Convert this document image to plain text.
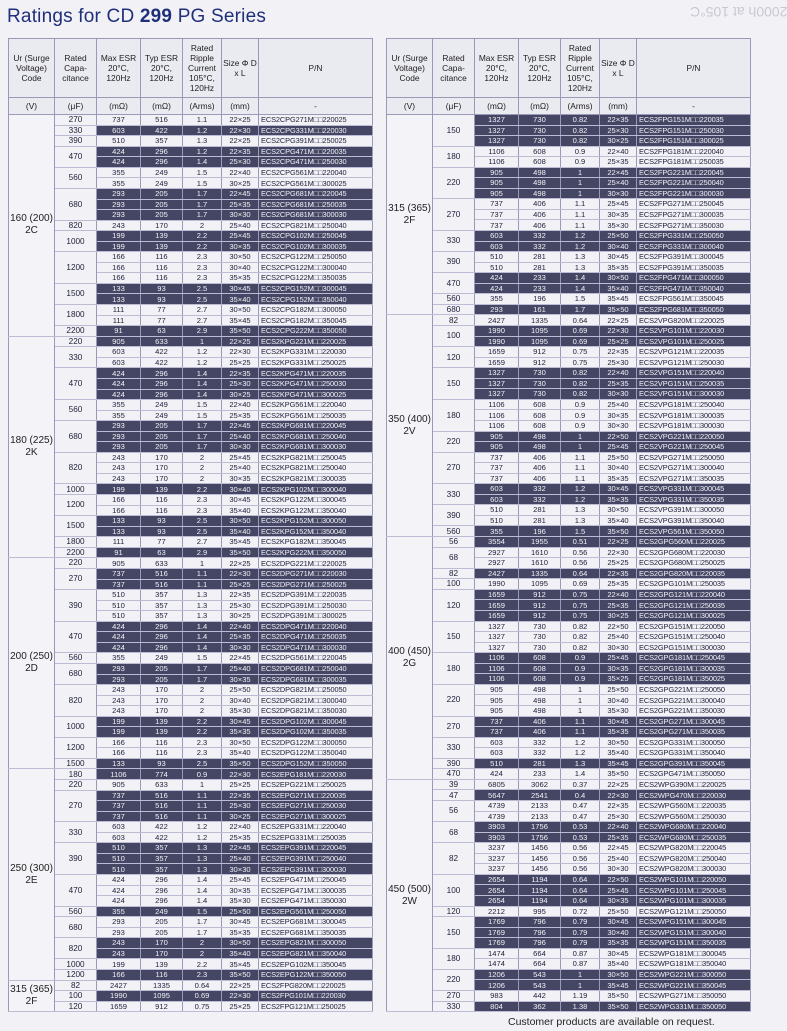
2000h at 105°C
Ratings for CD 299 PG Series
Ur (Surge Voltage) Code	Rated Capa-citance	Max ESR 20°C, 120Hz	Typ ESR 20°C, 120Hz	Rated Ripple Current 105°C, 120Hz	Size Φ D x L	P/N
(V)	(μF)	(mΩ)	(mΩ)	(Arms)	(mm)	-
160 (200) 2C	270	737	516	1.1	22×25	ECS2CPG271M□□220025
	330	603	422	1.2	22×30	ECS2CPG331M□□220030
	390	510	357	1.3	22×25	ECS2CPG391M□□250025
	470	424	296	1.2	22×35	ECS2CPG471M□□220035
		424	296	1.4	25×30	ECS2CPG471M□□250030
	560	355	249	1.5	22×40	ECS2CPG561M□□220040
		355	249	1.5	30×25	ECS2CPG561M□□300025
	680	293	205	1.7	22×45	ECS2CPG681M□□220045
		293	205	1.7	25×35	ECS2CPG681M□□250035
		293	205	1.7	30×30	ECS2CPG681M□□300030
	820	243	170	2	25×40	ECS2CPG821M□□250040
	1000	199	139	2.2	25×45	ECS2CPG102M□□250045
		199	139	2.2	30×35	ECS2CPG102M□□300035
	1200	166	116	2.3	30×50	ECS2CPG122M□□250050
		166	116	2.3	30×40	ECS2CPG122M□□300040
		166	116	2.3	35×35	ECS2CPG122M□□350035
	1500	133	93	2.5	30×45	ECS2CPG152M□□300045
		133	93	2.5	35×40	ECS2CPG152M□□350040
	1800	111	77	2.7	30×50	ECS2CPG182M□□300050
		111	77	2.7	35×45	ECS2CPG182M□□350045
	2200	91	63	2.9	35×50	ECS2CPG222M□□350050
180 (225) 2K	220	905	633	1	22×25	ECS2KPG221M□□220025
	330	603	422	1.2	22×30	ECS2KPG331M□□220030
		603	422	1.2	25×25	ECS2KPG331M□□250025
	470	424	296	1.4	22×35	ECS2KPG471M□□220035
		424	296	1.4	25×30	ECS2KPG471M□□250030
		424	296	1.4	30×25	ECS2KPG471M□□300025
	560	355	249	1.5	22×40	ECS2KPG561M□□220040
		355	249	1.5	25×35	ECS2KPG561M□□250035
	680	293	205	1.7	22×45	ECS2KPG681M□□220045
		293	205	1.7	25×40	ECS2KPG681M□□250040
		293	205	1.7	30×30	ECS2KPG681M□□300030
	820	243	170	2	25×45	ECS2KPG821M□□250045
		243	170	2	25×40	ECS2KPG821M□□250040
		243	170	2	30×35	ECS2KPG821M□□300035
	1000	199	139	2.2	30×40	ECS2KPG102M□□300040
	1200	166	116	2.3	30×45	ECS2KPG122M□□300045
		166	116	2.3	35×40	ECS2KPG122M□□350040
	1500	133	93	2.5	30×50	ECS2KPG152M□□300050
		133	93	2.5	35×40	ECS2KPG152M□□350040
	1800	111	77	2.7	35×45	ECS2KPG182M□□350045
	2200	91	63	2.9	35×50	ECS2KPG222M□□350050
200 (250) 2D	220	905	633	1	22×25	ECS2DPG221M□□220025
	270	737	516	1.1	22×30	ECS2DPG271M□□220030
		737	516	1.1	25×25	ECS2DPG271M□□250025
	390	510	357	1.3	22×35	ECS2DPG391M□□220035
		510	357	1.3	25×30	ECS2DPG391M□□250030
		510	357	1.3	30×25	ECS2DPG391M□□300025
	470	424	296	1.4	22×40	ECS2DPG471M□□220040
		424	296	1.4	25×35	ECS2DPG471M□□250035
		424	296	1.4	30×30	ECS2DPG471M□□300030
	560	355	249	1.5	22×45	ECS2DPG561M□□220045
	680	293	205	1.7	25×40	ECS2DPG681M□□250040
		293	205	1.7	30×35	ECS2DPG681M□□300035
	820	243	170	2	25×50	ECS2DPG821M□□250050
		243	170	2	30×40	ECS2DPG821M□□300040
		243	170	2	35×30	ECS2DPG821M□□350030
	1000	199	139	2.2	30×45	ECS2DPG102M□□300045
		199	139	2.2	35×35	ECS2DPG102M□□350035
	1200	166	116	2.3	30×50	ECS2DPG122M□□300050
		166	116	2.3	35×40	ECS2DPG122M□□350040
	1500	133	93	2.5	35×50	ECS2DPG152M□□350050
250 (300) 2E	180	1106	774	0.9	22×30	ECS2EPG181M□□220030
	220	905	633	1	25×25	ECS2EPG221M□□250025
	270	737	516	1.1	22×35	ECS2EPG271M□□220035
		737	516	1.1	25×30	ECS2EPG271M□□250030
		737	516	1.1	30×25	ECS2EPG271M□□300025
	330	603	422	1.2	22×40	ECS2EPG331M□□220040
		603	422	1.2	25×35	ECS2EPG331M□□250035
	390	510	357	1.3	22×45	ECS2EPG391M□□220045
		510	357	1.3	25×40	ECS2EPG391M□□250040
		510	357	1.3	30×30	ECS2EPG391M□□300030
	470	424	296	1.4	25×45	ECS2EPG471M□□250045
		424	296	1.4	30×35	ECS2EPG471M□□300035
		424	296	1.4	35×30	ECS2EPG471M□□350030
	560	355	249	1.5	25×50	ECS2EPG561M□□250050
	680	293	205	1.7	30×45	ECS2EPG681M□□300045
		293	205	1.7	35×35	ECS2EPG681M□□350035
	820	243	170	2	30×50	ECS2EPG821M□□300050
		243	170	2	35×40	ECS2EPG821M□□350040
	1000	199	139	2.2	35×45	ECS2EPG102M□□350045
	1200	166	116	2.3	35×50	ECS2EPG122M□□350050
315 (365) 2F	82	2427	1335	0.64	22×25	ECS2FPG820M□□220025
	100	1990	1095	0.69	22×30	ECS2FPG101M□□220030
	120	1659	912	0.75	25×25	ECS2FPG121M□□250025
Ur (Surge Voltage) Code	Rated Capa-citance	Max ESR 20°C, 120Hz	Typ ESR 20°C, 120Hz	Rated Ripple Current 105°C, 120Hz	Size Φ D x L	P/N
(V)	(μF)	(mΩ)	(mΩ)	(Arms)	(mm)	-
315 (365) 2F	150	1327	730	0.82	22×35	ECS2FPG151M□□220035
		1327	730	0.82	25×30	ECS2FPG151M□□250030
		1327	730	0.82	30×25	ECS2FPG151M□□300025
	180	1106	608	0.9	22×40	ECS2FPG181M□□220040
		1106	608	0.9	25×35	ECS2FPG181M□□250035
	220	905	498	1	22×45	ECS2FPG221M□□220045
		905	498	1	25×40	ECS2FPG221M□□250040
		905	498	1	30×30	ECS2FPG221M□□300030
	270	737	406	1.1	25×45	ECS2FPG271M□□250045
		737	406	1.1	30×35	ECS2FPG271M□□300035
		737	406	1.1	35×30	ECS2FPG271M□□350030
	330	603	332	1.2	25×50	ECS2FPG331M□□250050
		603	332	1.2	30×40	ECS2FPG331M□□300040
	390	510	281	1.3	30×45	ECS2FPG391M□□300045
		510	281	1.3	35×35	ECS2FPG391M□□350035
	470	424	233	1.4	30×50	ECS2FPG471M□□300050
		424	233	1.4	35×40	ECS2FPG471M□□350040
	560	355	196	1.5	35×45	ECS2FPG561M□□350045
	680	293	161	1.7	35×50	ECS2FPG681M□□350050
350 (400) 2V	82	2427	1335	0.64	22×25	ECS2VPG820M□□220025
	100	1990	1095	0.69	22×30	ECS2VPG101M□□220030
		1990	1095	0.69	25×25	ECS2VPG101M□□250025
	120	1659	912	0.75	22×35	ECS2VPG121M□□220035
		1659	912	0.75	25×30	ECS2VPG121M□□250030
	150	1327	730	0.82	22×40	ECS2VPG151M□□220040
		1327	730	0.82	25×35	ECS2VPG151M□□250035
		1327	730	0.82	30×30	ECS2VPG151M□□300030
	180	1106	608	0.9	25×40	ECS2VPG181M□□250040
		1106	608	0.9	30×35	ECS2VPG181M□□300035
		1106	608	0.9	30×30	ECS2VPG181M□□300030
	220	905	498	1	22×50	ECS2VPG221M□□220050
		905	498	1	25×45	ECS2VPG221M□□250045
	270	737	406	1.1	25×50	ECS2VPG271M□□250050
		737	406	1.1	30×40	ECS2VPG271M□□300040
		737	406	1.1	35×35	ECS2VPG271M□□350035
	330	603	332	1.2	30×45	ECS2VPG331M□□300045
		603	332	1.2	35×35	ECS2VPG331M□□350035
	390	510	281	1.3	30×50	ECS2VPG391M□□300050
		510	281	1.3	35×40	ECS2VPG391M□□350040
	560	355	196	1.5	35×50	ECS2VPG561M□□350050
400 (450) 2G	56	3554	1955	0.51	22×25	ECS2GPG560M□□220025
	68	2927	1610	0.56	22×30	ECS2GPG680M□□220030
		2927	1610	0.56	25×25	ECS2GPG680M□□250025
	82	2427	1335	0.64	22×35	ECS2GPG820M□□220035
	100	1990	1095	0.69	25×35	ECS2GPG101M□□250035
	120	1659	912	0.75	22×40	ECS2GPG121M□□220040
		1659	912	0.75	25×35	ECS2GPG121M□□250035
		1659	912	0.75	30×25	ECS2GPG121M□□300025
	150	1327	730	0.82	22×50	ECS2GPG151M□□220050
		1327	730	0.82	25×40	ECS2GPG151M□□250040
		1327	730	0.82	30×30	ECS2GPG151M□□300030
	180	1106	608	0.9	25×45	ECS2GPG181M□□250045
		1106	608	0.9	30×35	ECS2GPG181M□□300035
		1106	608	0.9	35×25	ECS2GPG181M□□350025
	220	905	498	1	25×50	ECS2GPG221M□□250050
		905	498	1	30×40	ECS2GPG221M□□300040
		905	498	1	35×30	ECS2GPG221M□□350030
	270	737	406	1.1	30×45	ECS2GPG271M□□300045
		737	406	1.1	35×35	ECS2GPG271M□□350035
	330	603	332	1.2	30×50	ECS2GPG331M□□300050
		603	332	1.2	35×40	ECS2GPG331M□□350040
	390	510	281	1.3	35×45	ECS2GPG391M□□350045
	470	424	233	1.4	35×50	ECS2GPG471M□□350050
450 (500) 2W	39	6805	3062	0.37	22×25	ECS2WPG390M□□220025
	47	5647	2541	0.4	22×30	ECS2WPG470M□□220030
	56	4739	2133	0.47	22×35	ECS2WPG560M□□220035
		4739	2133	0.47	25×30	ECS2WPG560M□□250030
	68	3903	1756	0.53	22×40	ECS2WPG680M□□220040
		3903	1756	0.53	25×35	ECS2WPG680M□□250035
	82	3237	1456	0.56	22×45	ECS2WPG820M□□220045
		3237	1456	0.56	25×40	ECS2WPG820M□□250040
		3237	1456	0.56	30×30	ECS2WPG820M□□300030
	100	2654	1194	0.64	22×50	ECS2WPG101M□□220050
		2654	1194	0.64	25×45	ECS2WPG101M□□250045
		2654	1194	0.64	30×35	ECS2WPG101M□□300035
	120	2212	995	0.72	25×50	ECS2WPG121M□□250050
	150	1769	796	0.79	30×45	ECS2WPG151M□□300045
		1769	796	0.79	30×40	ECS2WPG151M□□300040
		1769	796	0.79	35×35	ECS2WPG151M□□350035
	180	1474	664	0.87	30×45	ECS2WPG181M□□300045
		1474	664	0.87	35×40	ECS2WPG181M□□350040
	220	1206	543	1	30×50	ECS2WPG221M□□300050
		1206	543	1	35×45	ECS2WPG221M□□350045
	270	983	442	1.19	35×50	ECS2WPG271M□□350050
	330	804	362	1.38	35×50	ECS2WPG331M□□350050
Customer products are available on request.
